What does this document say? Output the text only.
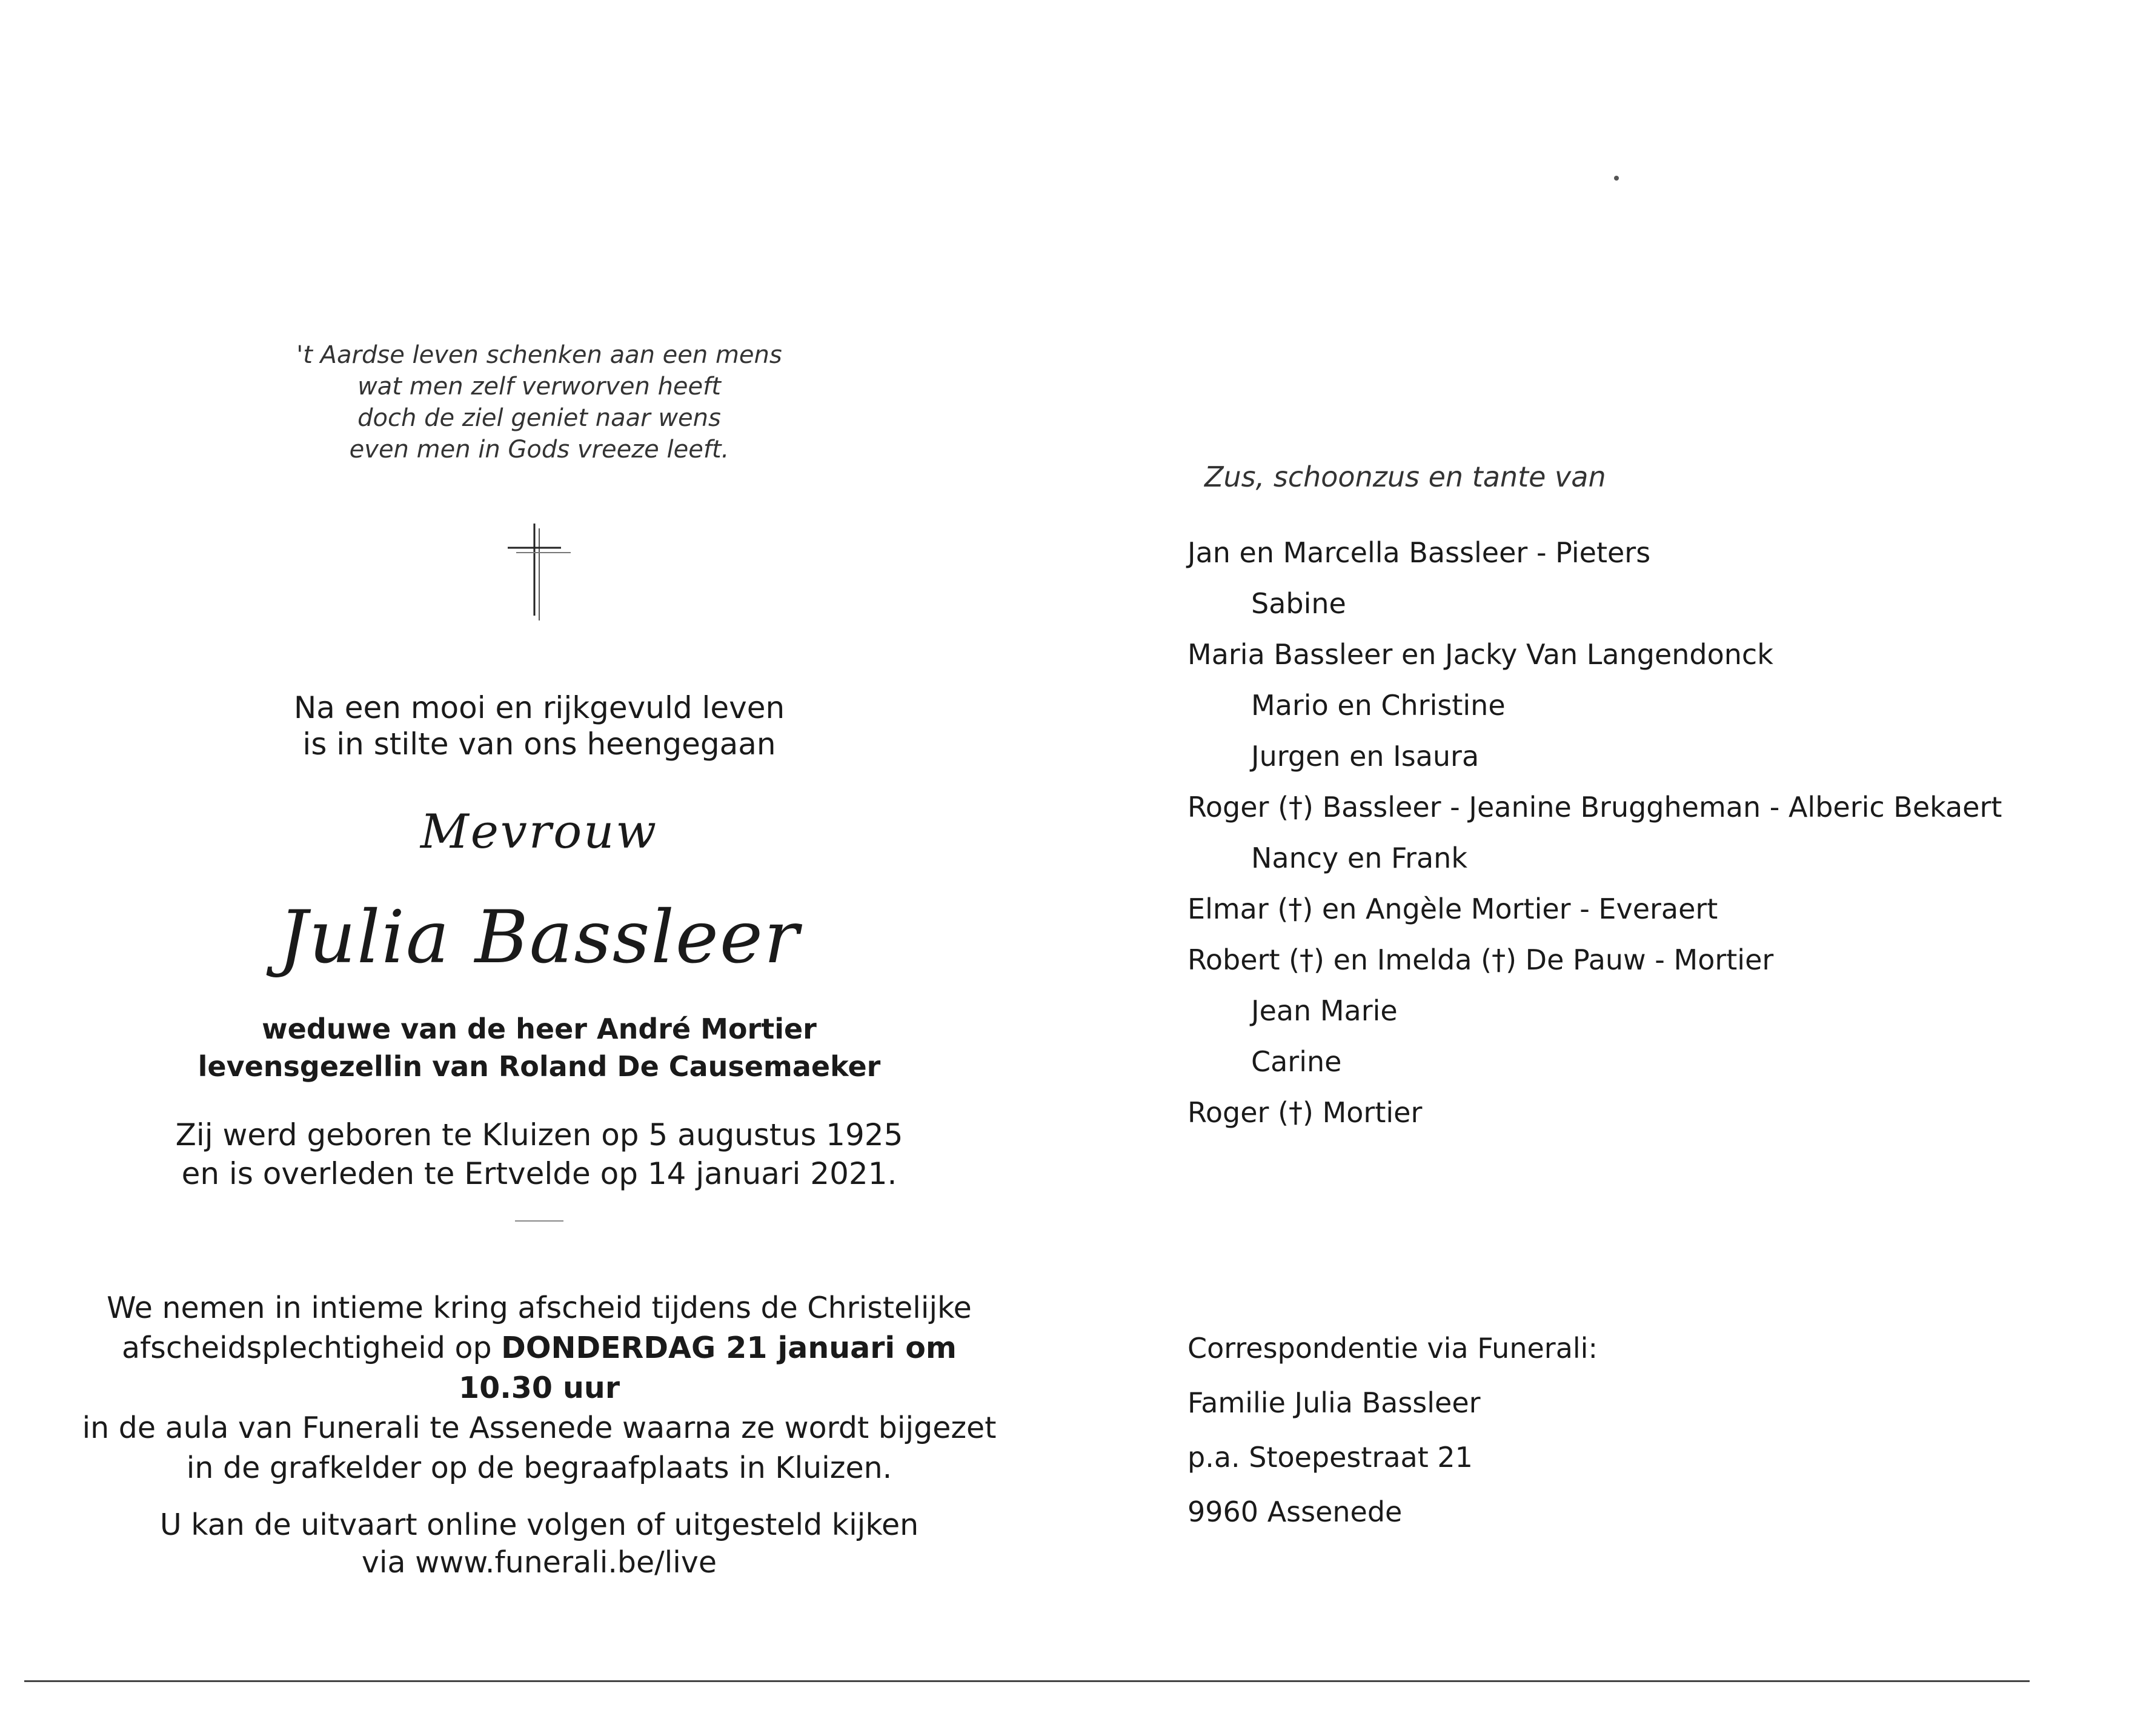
't Aardse leven schenken aan een mens
wat men zelf verworven heeft
doch de ziel geniet naar wens
even men in Gods vreeze leeft.
Na een mooi en rijkgevuld leven
is in stilte van ons heengegaan
Mevrouw
Julia Bassleer
weduwe van de heer André Mortier
levensgezellin van Roland De Causemaeker
Zij werd geboren te Kluizen op 5 augustus 1925
en is overleden te Ertvelde op 14 januari 2021.
We nemen in intieme kring afscheid tijdens de Christelijke
afscheidsplechtigheid op DONDERDAG 21 januari om 10.30 uur
in de aula van Funerali te Assenede waarna ze wordt bijgezet
in de grafkelder op de begraafplaats in Kluizen.
U kan de uitvaart online volgen of uitgesteld kijken
via www.funerali.be/live
Zus, schoonzus en tante van
Jan en Marcella Bassleer - Pieters
Sabine
Maria Bassleer en Jacky Van Langendonck
Mario en Christine
Jurgen en Isaura
Roger (†) Bassleer - Jeanine Bruggheman - Alberic Bekaert
Nancy en Frank
Elmar (†) en Angèle Mortier - Everaert
Robert (†) en Imelda (†) De Pauw - Mortier
Jean Marie
Carine
Roger (†) Mortier
Correspondentie via Funerali:
Familie Julia Bassleer
p.a. Stoepestraat 21
9960 Assenede
